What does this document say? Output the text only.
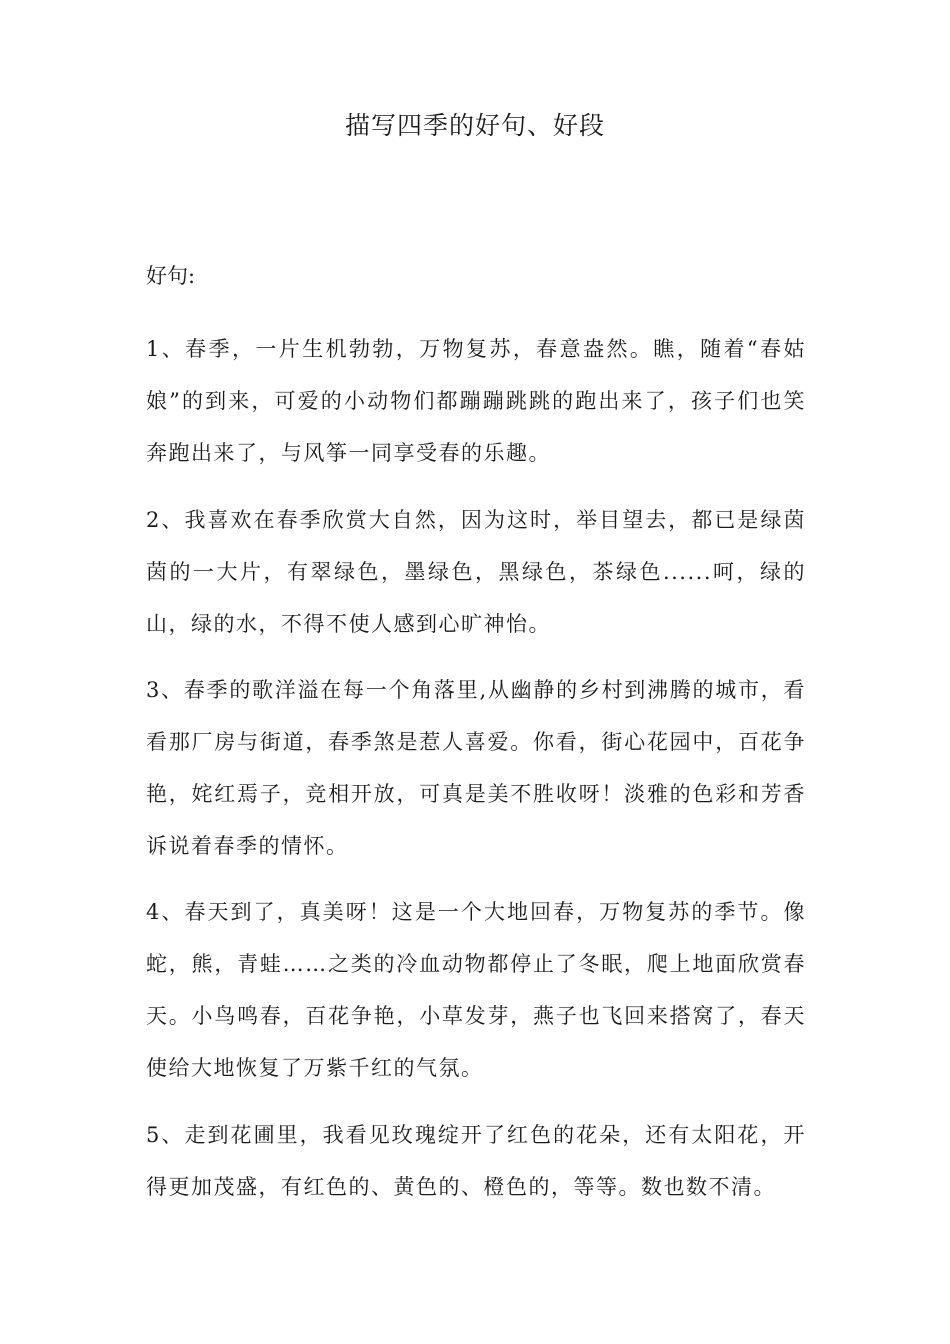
描写四季的好句、好段
好句:

1、春季，一片生机勃勃，万物复苏，春意盎然。瞧，随着“春姑娘”的到来，可爱的小动物们都蹦蹦跳跳的跑出来了，孩子们也笑奔跑出来了，与风筝一同享受春的乐趣。

2、我喜欢在春季欣赏大自然，因为这时，举目望去，都已是绿茵茵的一大片，有翠绿色，墨绿色，黑绿色，茶绿色......呵，绿的山，绿的水，不得不使人感到心旷神怡。

3、春季的歌洋溢在每一个角落里,从幽静的乡村到沸腾的城市，看看那厂房与街道，春季煞是惹人喜爱。你看，街心花园中，百花争艳，姹红焉子，竞相开放，可真是美不胜收呀！淡雅的色彩和芳香诉说着春季的情怀。

4、春天到了，真美呀！这是一个大地回春，万物复苏的季节。像蛇，熊，青蛙……之类的冷血动物都停止了冬眠，爬上地面欣赏春天。小鸟鸣春，百花争艳，小草发芽，燕子也飞回来搭窝了，春天使给大地恢复了万紫千红的气氛。

5、走到花圃里，我看见玫瑰绽开了红色的花朵，还有太阳花，开得更加茂盛，有红色的、黄色的、橙色的，等等。数也数不清。
